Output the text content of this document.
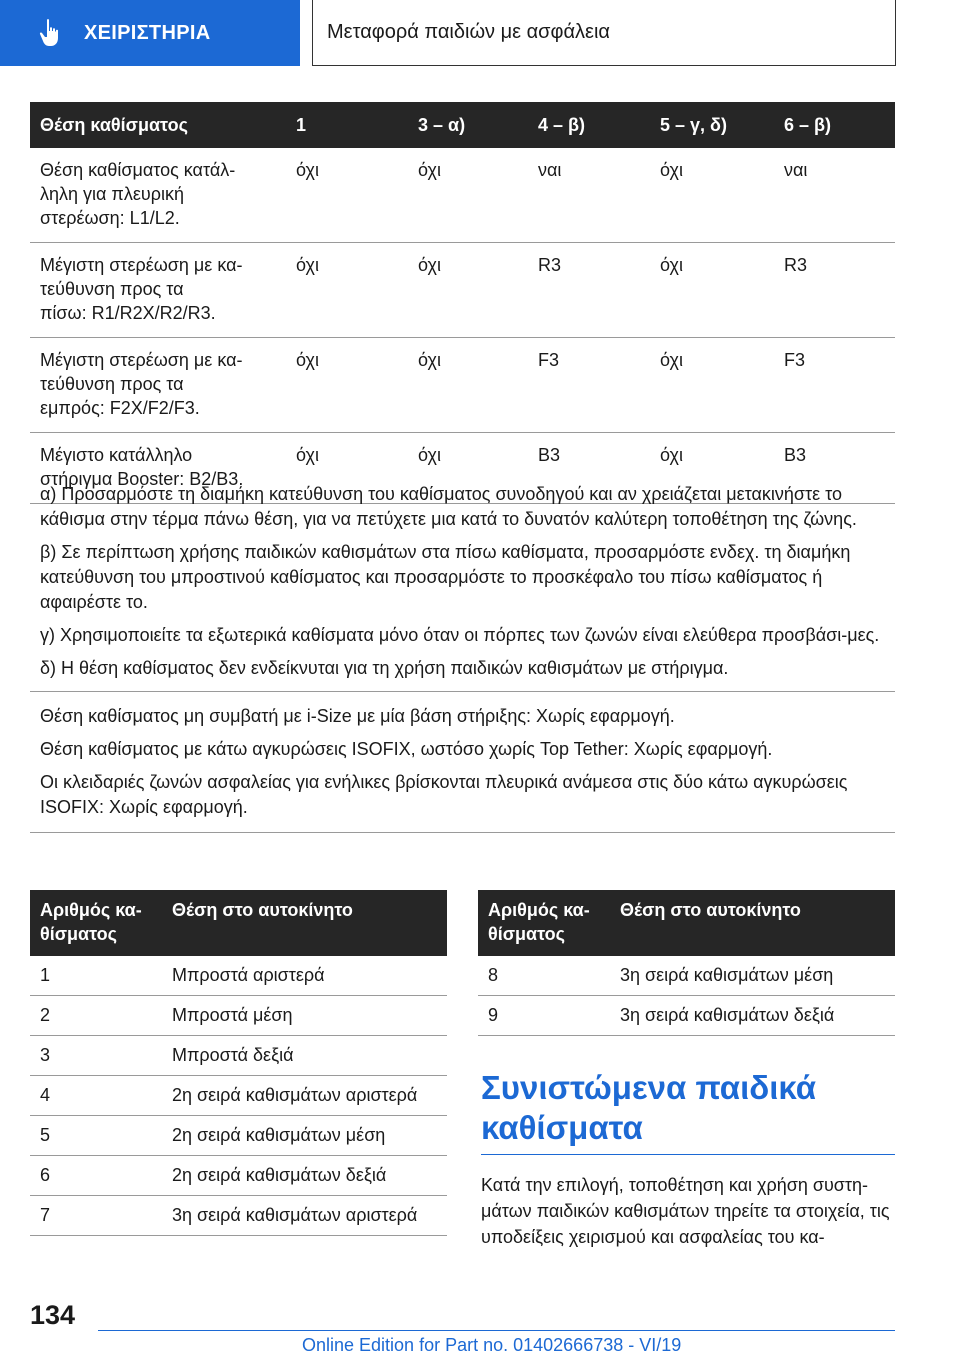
ΧΕΙΡΙΣΤΗΡΙΑ	Μεταφορά παιδιών με ασφάλεια
Θέση καθίσματος	1	3 – α)	4 – β)	5 – γ, δ)	6 – β)
Θέση καθίσματος κατάλ-
ληλη για πλευρική
στερέωση: L1/L2.
όχι	όχι	ναι	όχι	ναι
Μέγιστη στερέωση με κα-
τεύθυνση προς τα
πίσω: R1/R2X/R2/R3.
όχι	όχι	R3	όχι	R3
Μέγιστη στερέωση με κα-
τεύθυνση προς τα
εμπρός: F2X/F2/F3.
όχι	όχι	F3	όχι	F3
Μέγιστο κατάλληλο
στήριγμα Booster: B2/B3.
όχι	όχι	B3	όχι	B3

α) Προσαρμόστε τη διαμήκη κατεύθυνση του καθίσματος συνοδηγού και αν χρειάζεται μετακινήστε το κάθισμα στην τέρμα πάνω θέση, για να πετύχετε μια κατά το δυνατόν καλύτερη τοποθέτηση της ζώνης.

β) Σε περίπτωση χρήσης παιδικών καθισμάτων στα πίσω καθίσματα, προσαρμόστε ενδεχ. τη διαμήκη κατεύθυνση του μπροστινού καθίσματος και προσαρμόστε το προσκέφαλο του πίσω καθίσματος ή αφαιρέστε το.

γ) Χρησιμοποιείτε τα εξωτερικά καθίσματα μόνο όταν οι πόρπες των ζωνών είναι ελεύθερα προσβάσι-μες.

δ) Η θέση καθίσματος δεν ενδείκνυται για τη χρήση παιδικών καθισμάτων με στήριγμα.

Θέση καθίσματος μη συμβατή με i-Size με μία βάση στήριξης: Χωρίς εφαρμογή.

Θέση καθίσματος με κάτω αγκυρώσεις ISOFIX, ωστόσο χωρίς Top Tether: Χωρίς εφαρμογή.

Οι κλειδαριές ζωνών ασφαλείας για ενήλικες βρίσκονται πλευρικά ανάμεσα στις δύο κάτω αγκυρώσεις ISOFIX: Χωρίς εφαρμογή.

Αριθμός κα-
θίσματος
Θέση στο αυτοκίνητο
1	Μπροστά αριστερά
2	Μπροστά μέση
3	Μπροστά δεξιά
4	2η σειρά καθισμάτων αριστερά
5	2η σειρά καθισμάτων μέση
6	2η σειρά καθισμάτων δεξιά
7	3η σειρά καθισμάτων αριστερά
Αριθμός κα-
θίσματος
Θέση στο αυτοκίνητο
8	3η σειρά καθισμάτων μέση
9	3η σειρά καθισμάτων δεξιά
Συνιστώμενα παιδικά καθίσματα

Κατά την επιλογή, τοποθέτηση και χρήση συστη-μάτων παιδικών καθισμάτων τηρείτε τα στοιχεία, τις υποδείξεις χειρισμού και ασφαλείας του κα-

134
Online Edition for Part no. 01402666738 - VI/19
